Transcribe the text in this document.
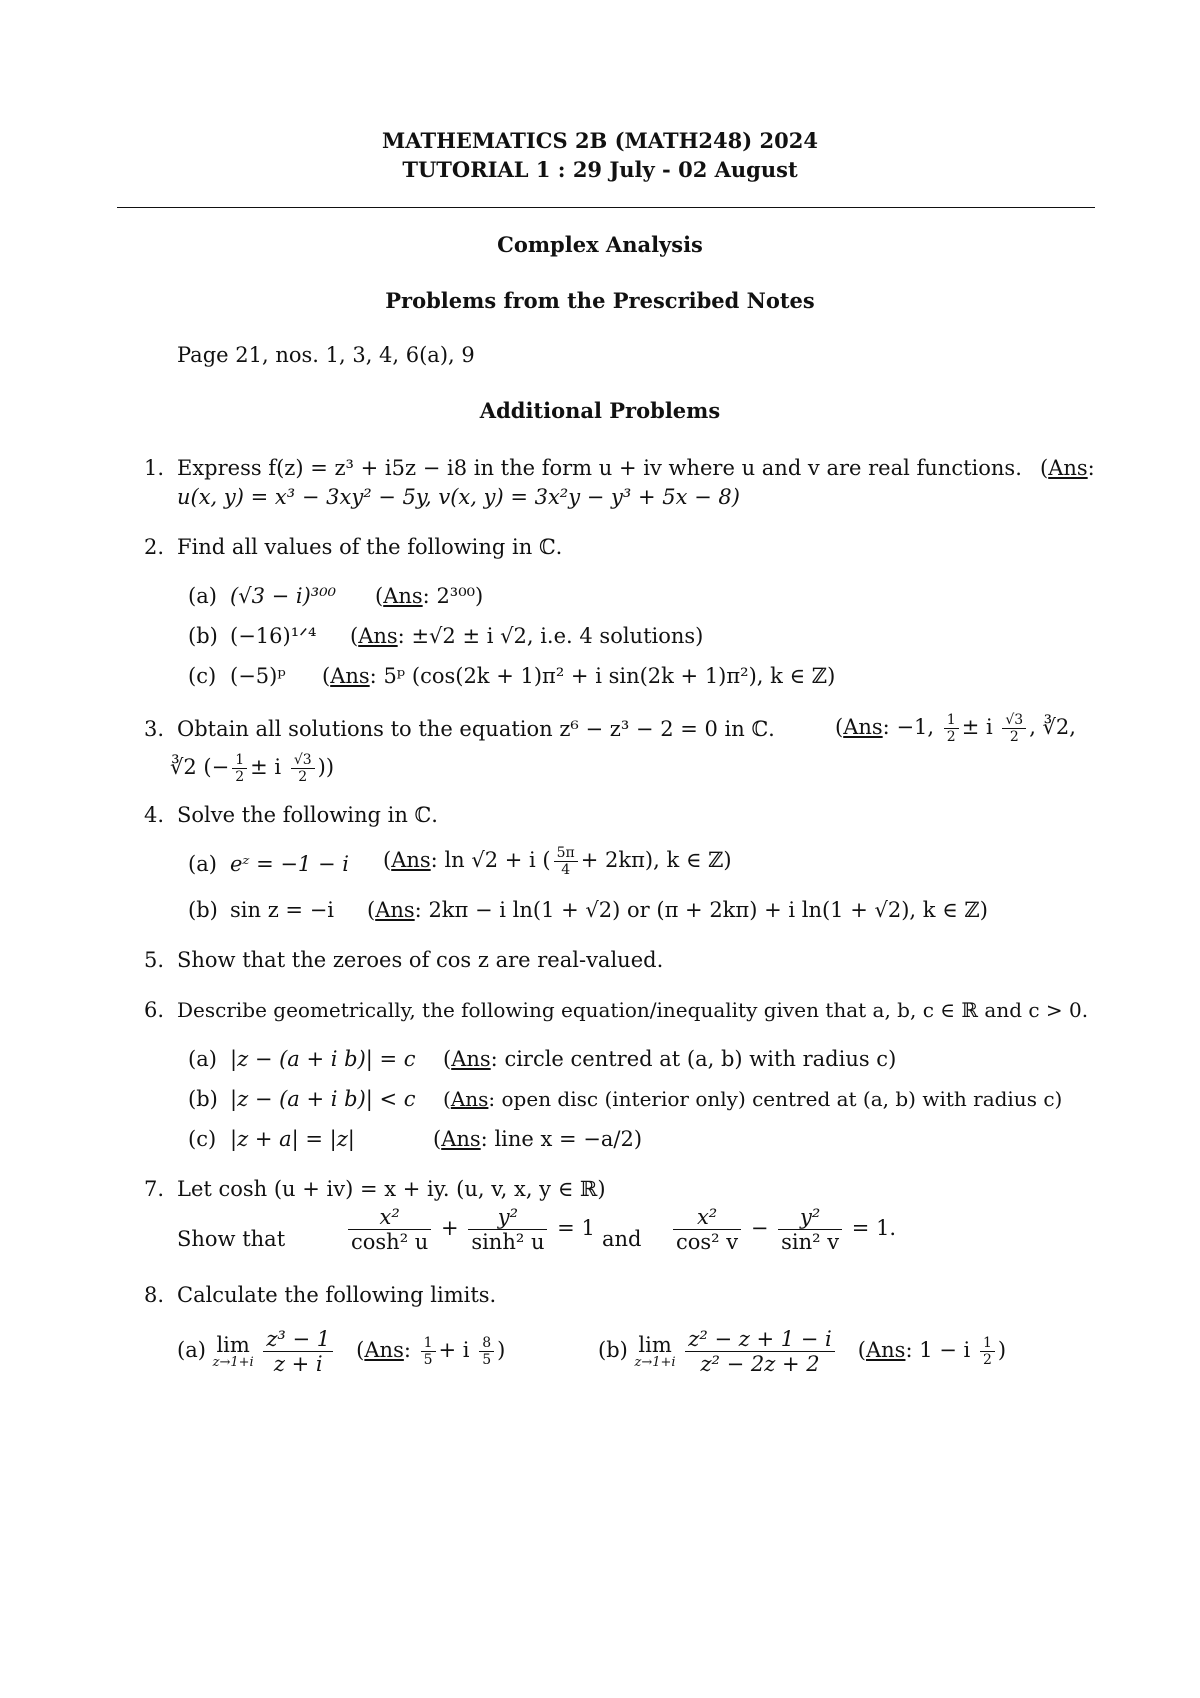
MATHEMATICS 2B (MATH248) 2024
TUTORIAL 1 : 29 July - 02 August
Complex Analysis
Problems from the Prescribed Notes
Page 21, nos. 1, 3, 4, 6(a), 9
Additional Problems
1. Express f(z) = z³ + i5z − i8 in the form u + iv where u and v are real functions. (Ans:
u(x, y) = x³ − 3xy² − 5y, v(x, y) = 3x²y − y³ + 5x − 8)
2. Find all values of the following in ℂ.
(a) (√3 − i)³⁰⁰ (Ans: 2³⁰⁰)
(b) (−16)¹ᐟ⁴ (Ans: ±√2 ± i √2, i.e. 4 solutions)
(c) (−5)ᵖ (Ans: 5ᵖ (cos(2k + 1)π² + i sin(2k + 1)π²), k ∈ ℤ)
3. Obtain all solutions to the equation z⁶ − z³ − 2 = 0 in ℂ.	(Ans: −1, $\frac{1}{2} \pm i \frac{√3}{2}$ , ∛2,
∛2 (− $\frac{1}{2} \pm i \frac{√3}{2}$ ))
4. Solve the following in ℂ.
(a) eᶻ = −1 − i (Ans: ln √2 + i ( $\frac{5\pi}{4} + 2k\pi$), k ∈ ℤ)
(b) sin z = −i (Ans: 2kπ − i ln(1 + √2) or (π + 2kπ) + i ln(1 + √2), k ∈ ℤ)
5. Show that the zeroes of cos z are real-valued.
6. Describe geometrically, the following equation/inequality given that a, b, c ∈ ℝ and c > 0.
(a) |z − (a + i b)| = c (Ans: circle centred at (a, b) with radius c)
(b) |z − (a + i b)| < c (Ans: open disc (interior only) centred at (a, b) with radius c)
(c) |z + a| = |z|	(Ans: line x = −a/2)
7. Let cosh (u + iv) = x + iy. (u, v, x, y ∈ ℝ)
Show that	$\frac{\text{x²}}{\text{cosh² u}} + \frac{\text{y²}}{\text{sinh² u}} = 1$ and $\frac{\text{x²}}{\text{cos² v}} - \frac{\text{y²}}{\text{sin² v}} = 1$.
8. Calculate the following limits.
(a) lim
z→1+i
$\frac{\text{z³ − 1}}{z + i} (Ans$: $\frac{1}{5} + i \frac{8}{5}$ )	(b) lim
z→1+i
$\frac{\text{z² − z + 1 − i}}{\text{z² − 2z + 2}} (Ans$: 1 − i $\frac{1}{2}$ )
